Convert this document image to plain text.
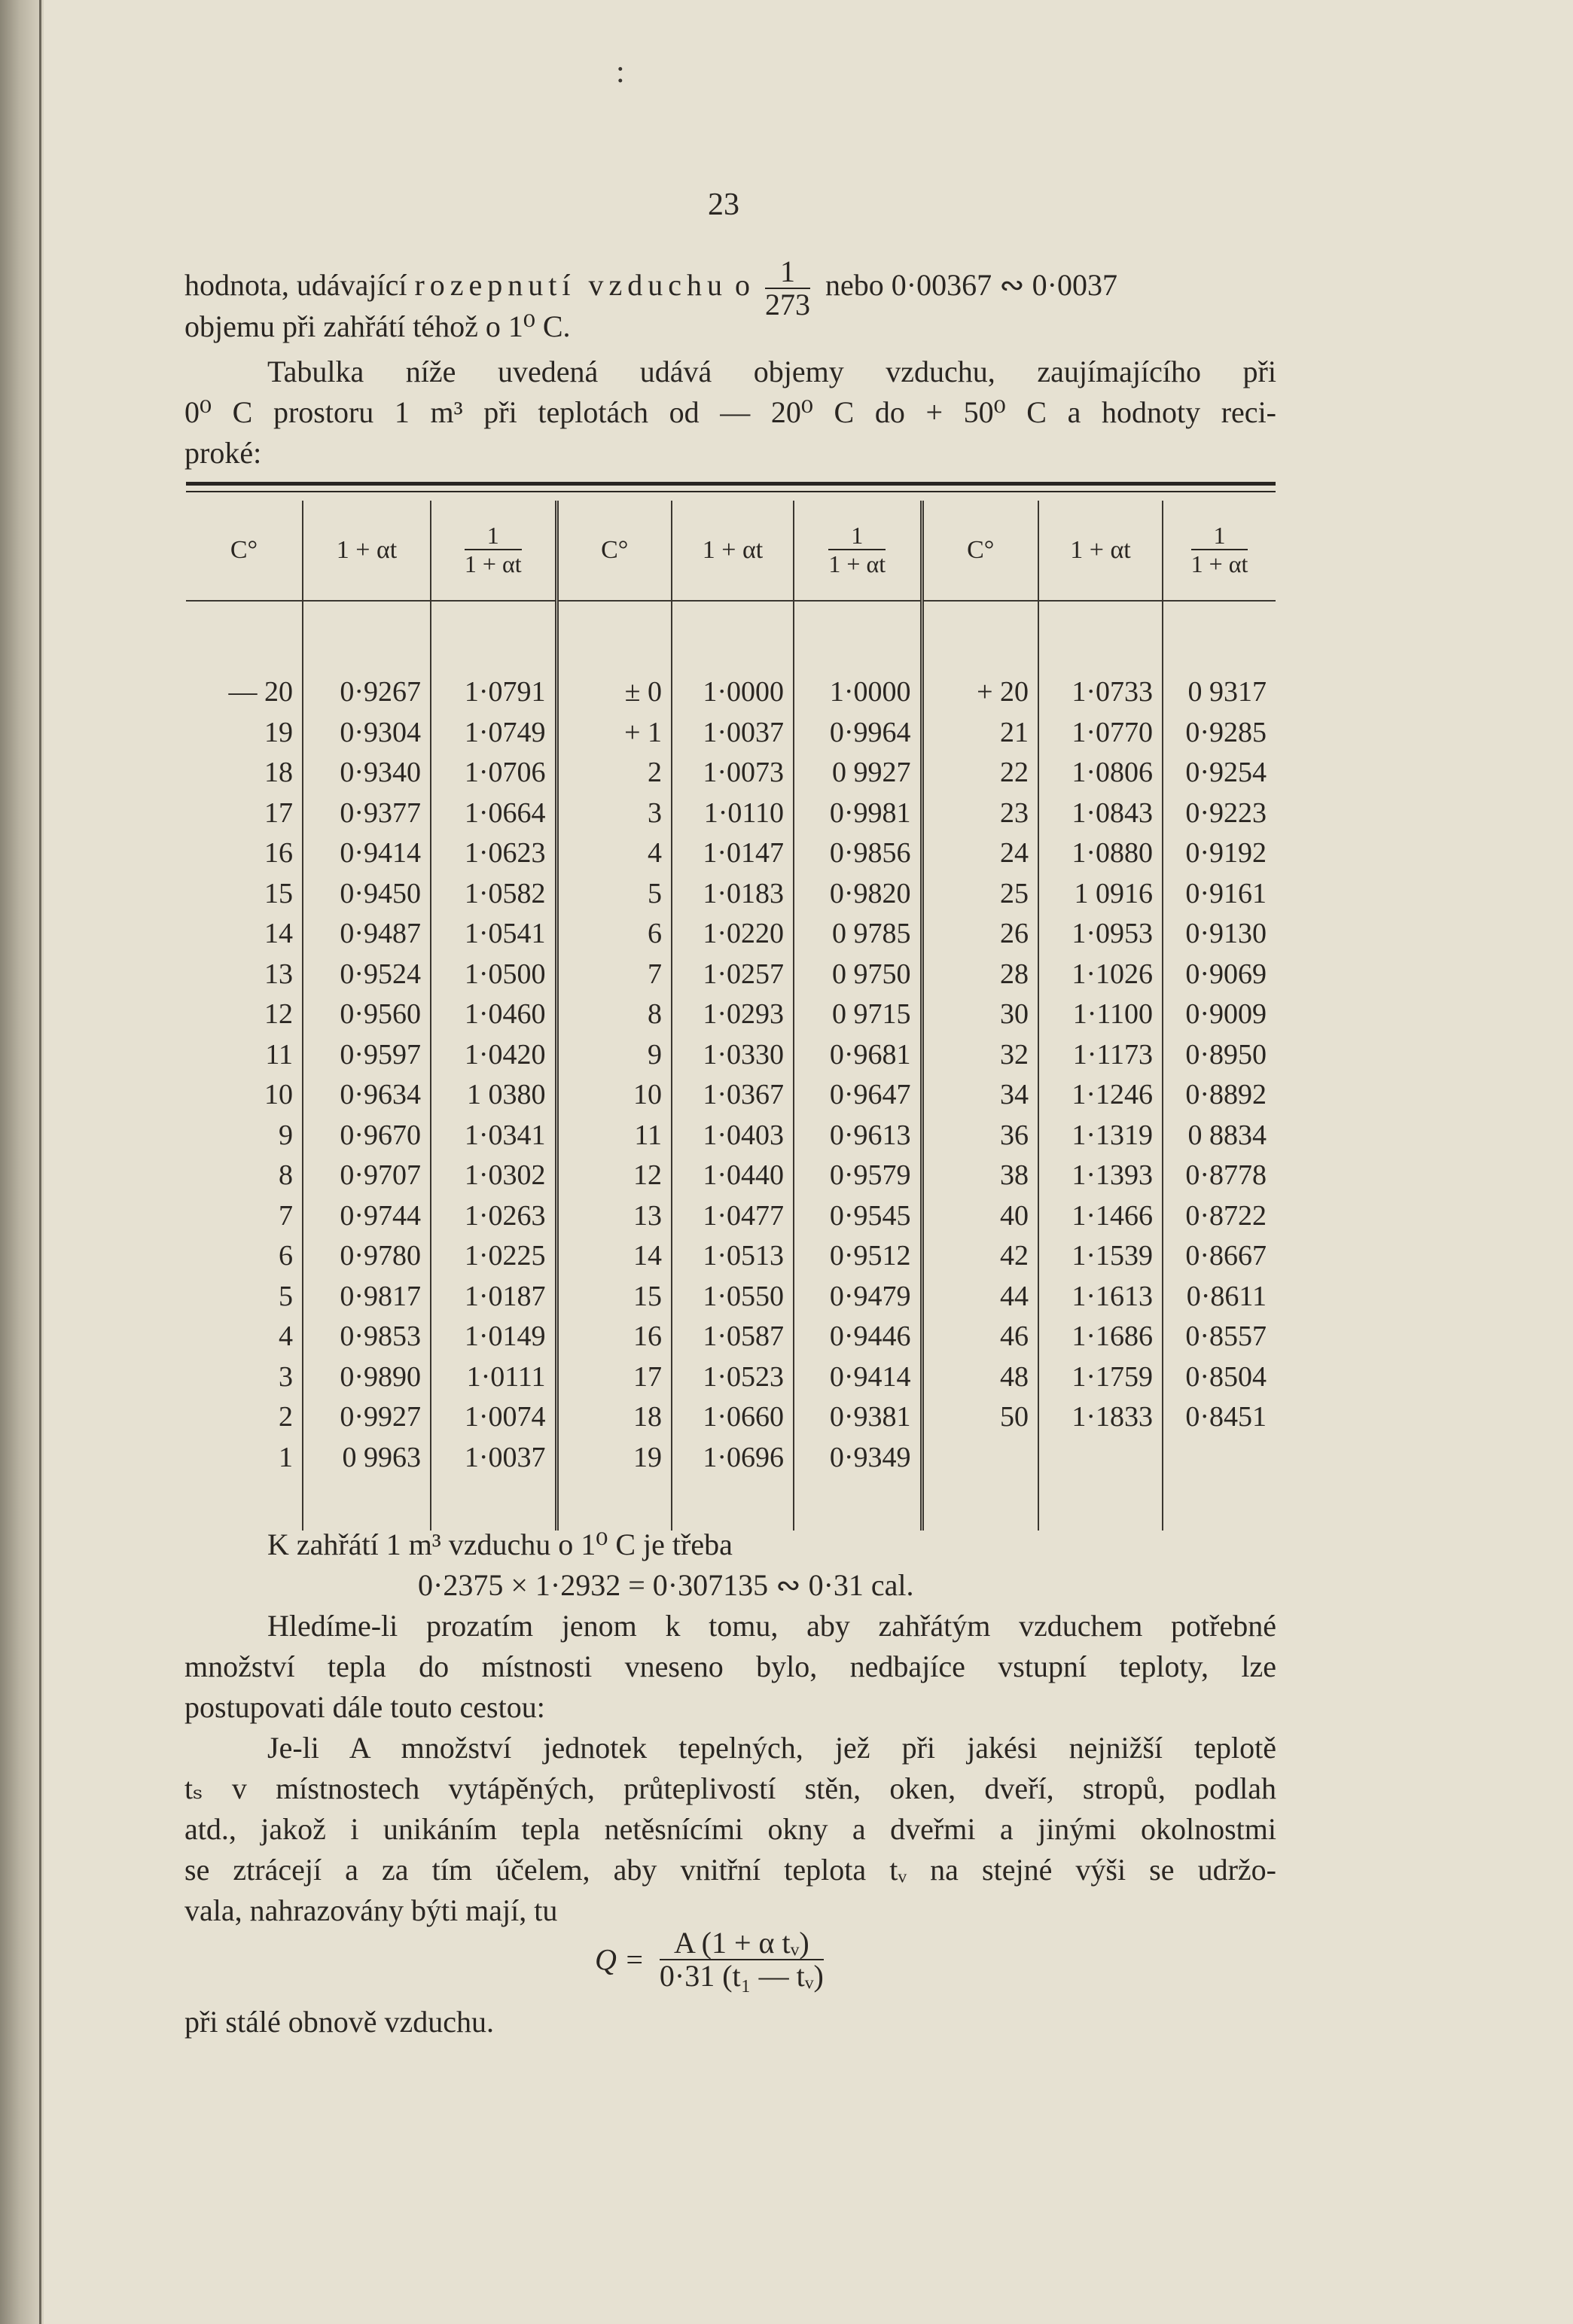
:
23
hodnota, udávající rozepnutí vzduchu o $\frac{1}{273}$ nebo 0·00367 ∾ 0·0037
objemu při zahřátí téhož o 1⁰ C.
Tabulka níže uvedená udává objemy vzduchu, zaujímajícího při
0⁰ C prostoru 1 m³ při teplotách od — 20⁰ C do + 50⁰ C a hodnoty reci-
proké:
C°	1 + αt	$\frac{1}{1 + \alpha t}$	C°	1 + αt	$\frac{1}{1 + \alpha t}$	C°	1 + αt	$\frac{1}{1 + \alpha t}$

— 20	0·9267	1·0791	± 0	1·0000	1·0000	+ 20	1·0733	0 9317
19	0·9304	1·0749	+ 1	1·0037	0·9964	21	1·0770	0·9285
18	0·9340	1·0706	2	1·0073	0 9927	22	1·0806	0·9254
17	0·9377	1·0664	3	1·0110	0·9981	23	1·0843	0·9223
16	0·9414	1·0623	4	1·0147	0·9856	24	1·0880	0·9192
15	0·9450	1·0582	5	1·0183	0·9820	25	1 0916	0·9161
14	0·9487	1·0541	6	1·0220	0 9785	26	1·0953	0·9130
13	0·9524	1·0500	7	1·0257	0 9750	28	1·1026	0·9069
12	0·9560	1·0460	8	1·0293	0 9715	30	1·1100	0·9009
11	0·9597	1·0420	9	1·0330	0·9681	32	1·1173	0·8950
10	0·9634	1 0380	10	1·0367	0·9647	34	1·1246	0·8892
9	0·9670	1·0341	11	1·0403	0·9613	36	1·1319	0 8834
8	0·9707	1·0302	12	1·0440	0·9579	38	1·1393	0·8778
7	0·9744	1·0263	13	1·0477	0·9545	40	1·1466	0·8722
6	0·9780	1·0225	14	1·0513	0·9512	42	1·1539	0·8667
5	0·9817	1·0187	15	1·0550	0·9479	44	1·1613	0·8611
4	0·9853	1·0149	16	1·0587	0·9446	46	1·1686	0·8557
3	0·9890	1·0111	17	1·0523	0·9414	48	1·1759	0·8504
2	0·9927	1·0074	18	1·0660	0·9381	50	1·1833	0·8451
1	0 9963	1·0037	19	1·0696	0·9349			

K zahřátí 1 m³ vzduchu o 1⁰ C je třeba
0·2375 × 1·2932 = 0·307135 ∾ 0·31 cal.
Hledíme-li prozatím jenom k tomu, aby zahřátým vzduchem potřebné
množství tepla do místnosti vneseno bylo, nedbajíce vstupní teploty, lze
postupovati dále touto cestou:
Je-li A množství jednotek tepelných, jež při jakési nejnižší teplotě
tₛ v místnostech vytápěných, průteplivostí stěn, oken, dveří, stropů, podlah
atd., jakož i unikáním tepla netěsnícími okny a dveřmi a jinými okolnostmi
se ztrácejí a za tím účelem, aby vnitřní teplota tᵥ na stejné výši se udržo-
vala, nahrazovány býti mají, tu
$Q = \frac{\text{A (1 + α tᵥ)}}{\text{0·31 (t₁ — tᵥ)}}$
při stálé obnově vzduchu.
